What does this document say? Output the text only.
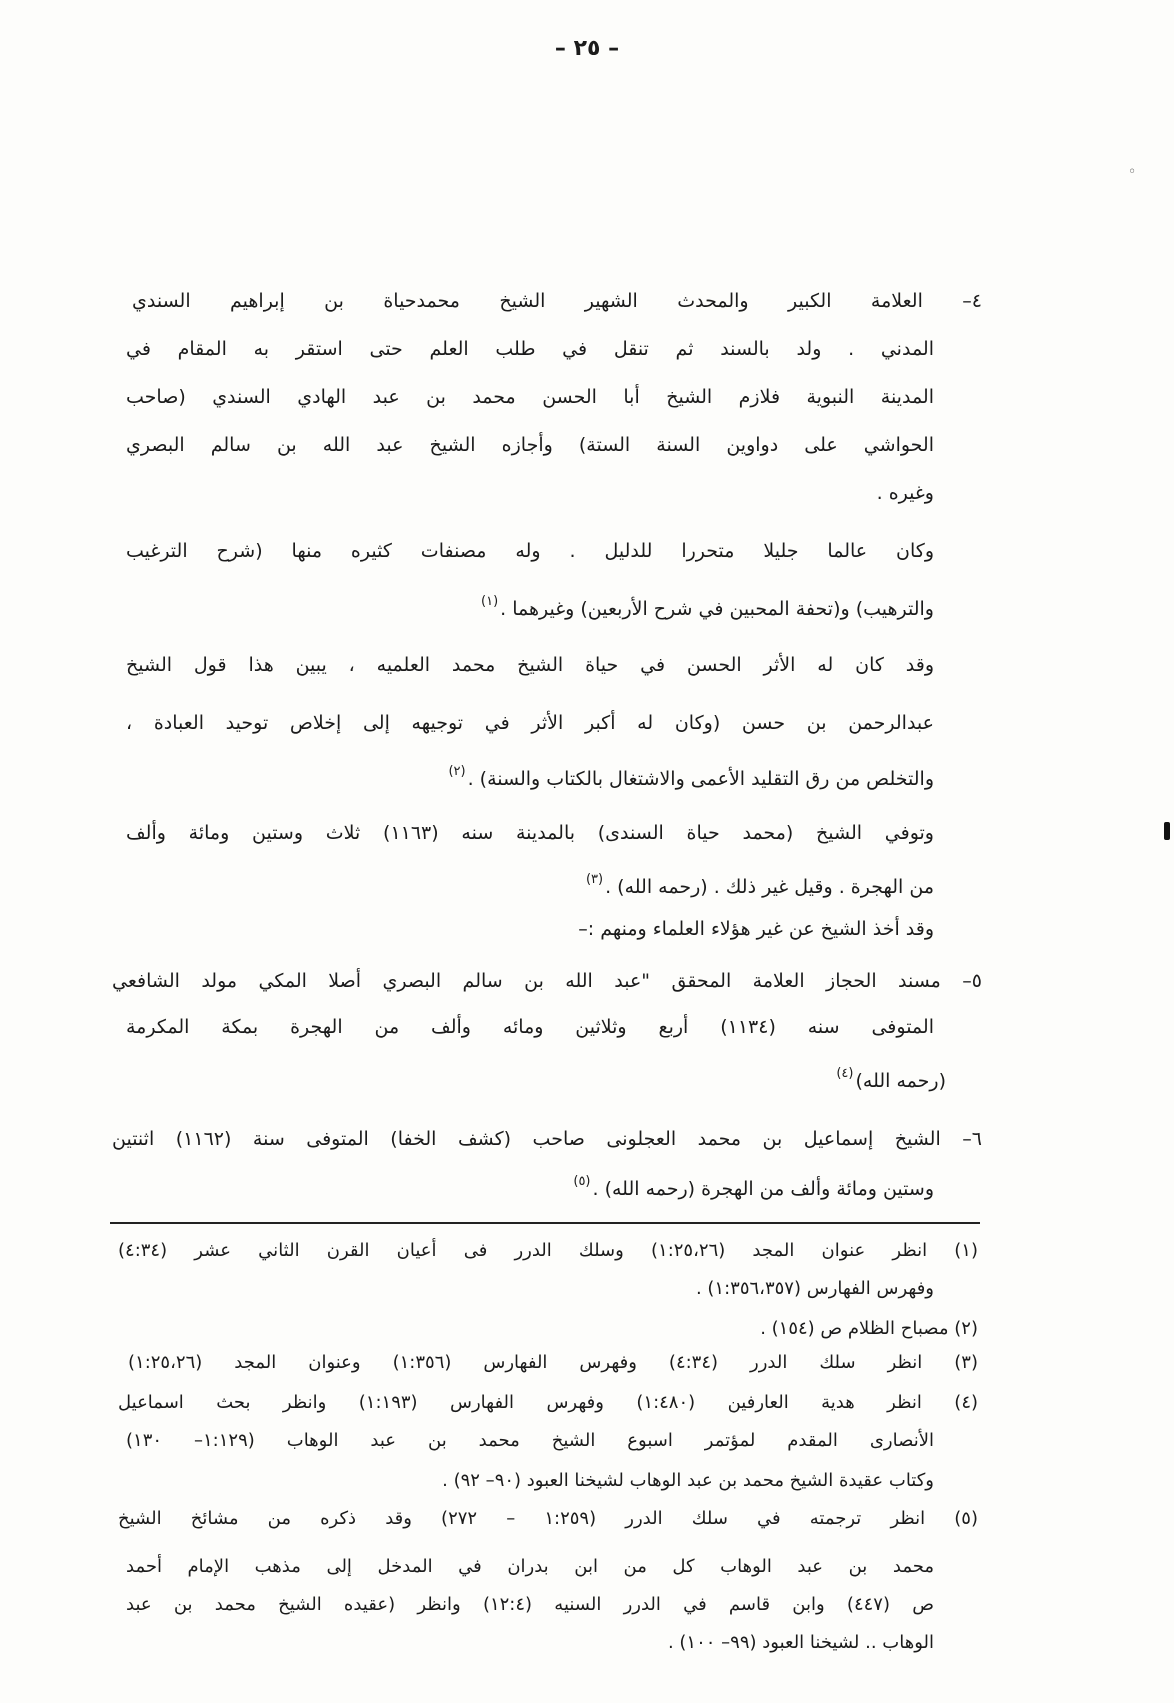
– ٢٥ –
◦
٤– العلامة الكبير والمحدث الشهير الشيخ محمدحياة بن إبراهيم السندي
المدني . ولد بالسند ثم تنقل في طلب العلم حتى استقر به المقام في
المدينة النبوية فلازم الشيخ أبا الحسن محمد بن عبد الهادي السندي (صاحب
الحواشي على دواوين السنة الستة) وأجازه الشيخ عبد الله بن سالم البصري
وغيره .
وكان عالما جليلا متحررا للدليل . وله مصنفات كثيره منها (شرح الترغيب
والترهيب) و(تحفة المحبين في شرح الأربعين) وغيرهما .$^{(١)}$
وقد كان له الأثر الحسن في حياة الشيخ محمد العلميه ، يبين هذا قول الشيخ
عبدالرحمن بن حسن (وكان له أكبر الأثر في توجيهه إلى إخلاص توحيد العبادة ،
والتخلص من رق التقليد الأعمى والاشتغال بالكتاب والسنة) .$^{(٢)}$
وتوفي الشيخ (محمد حياة السندى) بالمدينة سنه (١١٦٣) ثلاث وستين ومائة وألف
من الهجرة . وقيل غير ذلك . (رحمه الله) .$^{(٣)}$
وقد أخذ الشيخ عن غير هؤلاء العلماء ومنهم :–
٥– مسند الحجاز العلامة المحقق "عبد الله بن سالم البصري أصلا المكي مولد الشافعي
المتوفى سنه (١١٣٤) أربع وثلاثين ومائه وألف من الهجرة بمكة المكرمة
(رحمه الله)$^{(٤)}$
٦– الشيخ إسماعيل بن محمد العجلونى صاحب (كشف الخفا) المتوفى سنة (١١٦٢) اثنتين
وستين ومائة وألف من الهجرة (رحمه الله) .$^{(٥)}$
(١) انظر عنوان المجد (١:٢٥،٢٦) وسلك الدرر فى أعيان القرن الثاني عشر (٤:٣٤)
وفهرس الفهارس (١:٣٥٦،٣٥٧) .
(٢) مصباح الظلام ص (١٥٤) .
(٣) انظر سلك الدرر (٤:٣٤) وفهرس الفهارس (١:٣٥٦) وعنوان المجد (١:٢٥،٢٦)
(٤) انظر هدية العارفين (١:٤٨٠) وفهرس الفهارس (١:١٩٣) وانظر بحث اسماعيل
الأنصارى المقدم لمؤتمر اسبوع الشيخ محمد بن عبد الوهاب (١:١٢٩– ١٣٠)
وكتاب عقيدة الشيخ محمد بن عبد الوهاب لشيخنا العبود (٩٠– ٩٢) .
(٥) انظر ترجمته في سلك الدرر (١:٢٥٩ – ٢٧٢) وقد ذكره من مشائخ الشيخ
محمد بن عبد الوهاب كل من ابن بدران في المدخل إلى مذهب الإمام أحمد
ص (٤٤٧) وابن قاسم في الدرر السنيه (١٢:٤) وانظر (عقيده الشيخ محمد بن عبد
الوهاب .. لشيخنا العبود (٩٩– ١٠٠) .
